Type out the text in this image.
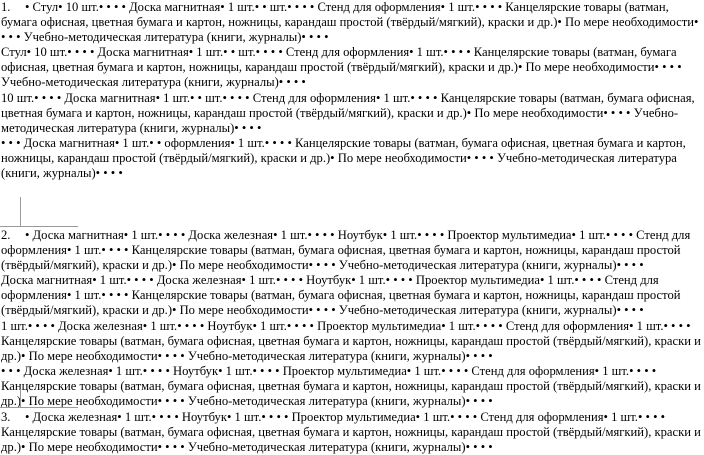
1. • Стул• 10 шт.• • • • Доска магнитная• 1 шт.• • шт.• • • • Стенд для оформления• 1 шт.• • • • Канцелярские товары (ватман, бумага офисная, цветная бумага и картон, ножницы, карандаш простой (твёрдый/мягкий), краски и др.)• По мере необходимости• • • • Учебно-методическая литература (книги, журналы)• • • •

Стул• 10 шт.• • • • Доска магнитная• 1 шт.• • шт.• • • • Стенд для оформления• 1 шт.• • • • Канцелярские товары (ватман, бумага офисная, цветная бумага и картон, ножницы, карандаш простой (твёрдый/мягкий), краски и др.)• По мере необходимости• • • • Учебно-методическая литература (книги, журналы)• • • •

10 шт.• • • • Доска магнитная• 1 шт.• • шт.• • • • Стенд для оформления• 1 шт.• • • • Канцелярские товары (ватман, бумага офисная, цветная бумага и картон, ножницы, карандаш простой (твёрдый/мягкий), краски и др.)• По мере необходимости• • • • Учебно-методическая литература (книги, журналы)• • • •

• • • Доска магнитная• 1 шт.• • оформления• 1 шт.• • • • Канцелярские товары (ватман, бумага офисная, цветная бумага и картон, ножницы, карандаш простой (твёрдый/мягкий), краски и др.)• По мере необходимости• • • • Учебно-методическая литература (книги, журналы)• • • •

2. • Доска магнитная• 1 шт.• • • • Доска железная• 1 шт.• • • • Ноутбук• 1 шт.• • • • Проектор мультимедиа• 1 шт.• • • • Стенд для оформления• 1 шт.• • • • Канцелярские товары (ватман, бумага офисная, цветная бумага и картон, ножницы, карандаш простой (твёрдый/мягкий), краски и др.)• По мере необходимости• • • • Учебно-методическая литература (книги, журналы)• • • •

Доска магнитная• 1 шт.• • • • Доска железная• 1 шт.• • • • Ноутбук• 1 шт.• • • • Проектор мультимедиа• 1 шт.• • • • Стенд для оформления• 1 шт.• • • • Канцелярские товары (ватман, бумага офисная, цветная бумага и картон, ножницы, карандаш простой (твёрдый/мягкий), краски и др.)• По мере необходимости• • • • Учебно-методическая литература (книги, журналы)• • • •

1 шт.• • • • Доска железная• 1 шт.• • • • Ноутбук• 1 шт.• • • • Проектор мультимедиа• 1 шт.• • • • Стенд для оформления• 1 шт.• • • • Канцелярские товары (ватман, бумага офисная, цветная бумага и картон, ножницы, карандаш простой (твёрдый/мягкий), краски и др.)• По мере необходимости• • • • Учебно-методическая литература (книги, журналы)• • • •

• • • Доска железная• 1 шт.• • • • Ноутбук• 1 шт.• • • • Проектор мультимедиа• 1 шт.• • • • Стенд для оформления• 1 шт.• • • • Канцелярские товары (ватман, бумага офисная, цветная бумага и картон, ножницы, карандаш простой (твёрдый/мягкий), краски и др.)• По мере необходимости• • • • Учебно-методическая литература (книги, журналы)• • • •

3. • Доска железная• 1 шт.• • • • Ноутбук• 1 шт.• • • • Проектор мультимедиа• 1 шт.• • • • Стенд для оформления• 1 шт.• • • • Канцелярские товары (ватман, бумага офисная, цветная бумага и картон, ножницы, карандаш простой (твёрдый/мягкий), краски и др.)• По мере необходимости• • • • Учебно-методическая литература (книги, журналы)• • • •
